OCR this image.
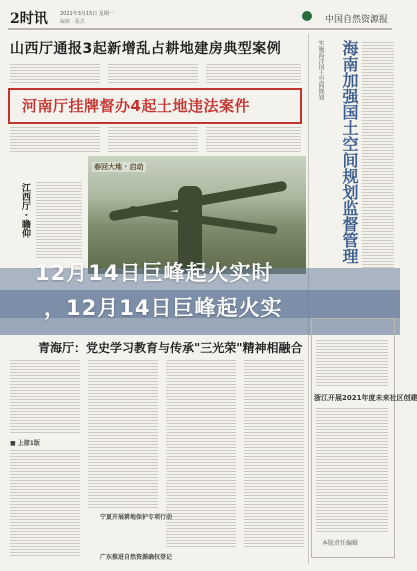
2时讯 2021年3月15日 星期一
编辑 · 版式	中国自然资源报
山西厅通报3起新增乱占耕地建房典型案例
河南厅挂牌督办4起土地违法案件
江西厅 · 瞻仰
春回大地 · 启动
实施海洋国土空间规划	海南加强国土空间规划监督管理
12月14日巨峰起火实时
，12月14日巨峰起火实
青海厅：党史学习教育与传承"三光荣"精神相融合
■ 上接1版
宁夏开展耕地保护专项行动
广东推进自然资源确权登记
浙江开展2021年度未来社区创建
本版责任编辑
